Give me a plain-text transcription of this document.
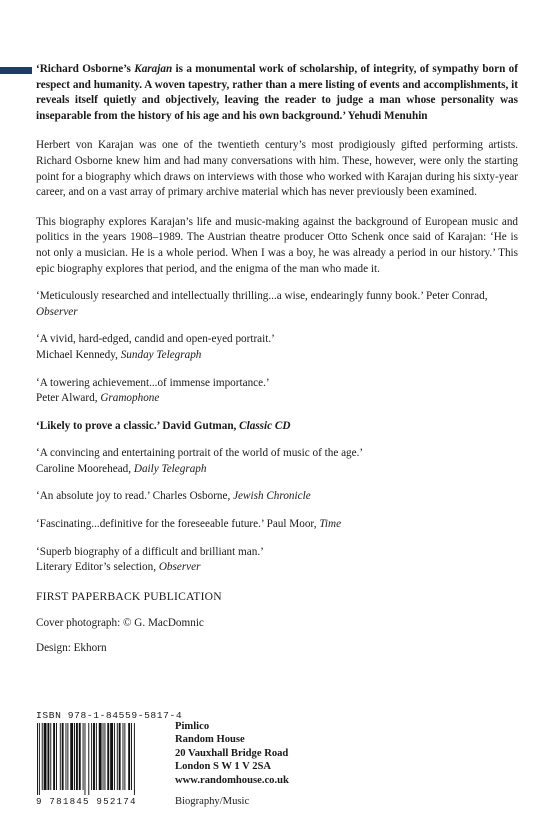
‘Richard Osborne’s Karajan is a monumental work of scholarship, of integrity, of sympathy born of respect and humanity. A woven tapestry, rather than a mere listing of events and accomplishments, it reveals itself quietly and objectively, leaving the reader to judge a man whose personality was inseparable from the history of his age and his own background.’ Yehudi Menuhin

Herbert von Karajan was one of the twentieth century’s most prodigiously gifted performing artists. Richard Osborne knew him and had many conversations with him. These, however, were only the starting point for a biography which draws on interviews with those who worked with Karajan during his sixty-year career, and on a vast array of primary archive material which has never previously been examined.

This biography explores Karajan’s life and music-making against the background of European music and politics in the years 1908–1989. The Austrian theatre producer Otto Schenk once said of Karajan: ‘He is not only a musician. He is a whole period. When I was a boy, he was already a period in our history.’ This epic biography explores that period, and the enigma of the man who made it.

‘Meticulously researched and intellectually thrilling...a wise, endearingly funny book.’ Peter Conrad, Observer

‘A vivid, hard-edged, candid and open-eyed portrait.’
Michael Kennedy, Sunday Telegraph

‘A towering achievement...of immense importance.’
Peter Alward, Gramophone

‘Likely to prove a classic.’ David Gutman, Classic CD

‘A convincing and entertaining portrait of the world of music of the age.’
Caroline Moorehead, Daily Telegraph

‘An absolute joy to read.’ Charles Osborne, Jewish Chronicle

‘Fascinating...definitive for the foreseeable future.’ Paul Moor, Time

‘Superb biography of a difficult and brilliant man.’
Literary Editor’s selection, Observer

FIRST PAPERBACK PUBLICATION
Cover photograph: © G. MacDomnic
Design: Ekhorn
ISBN 978-1-84559-5817-4
9 781845 952174
Pimlico
Random House
20 Vauxhall Bridge Road
London S W 1 V 2SA
www.randomhouse.co.uk
Biography/Music
